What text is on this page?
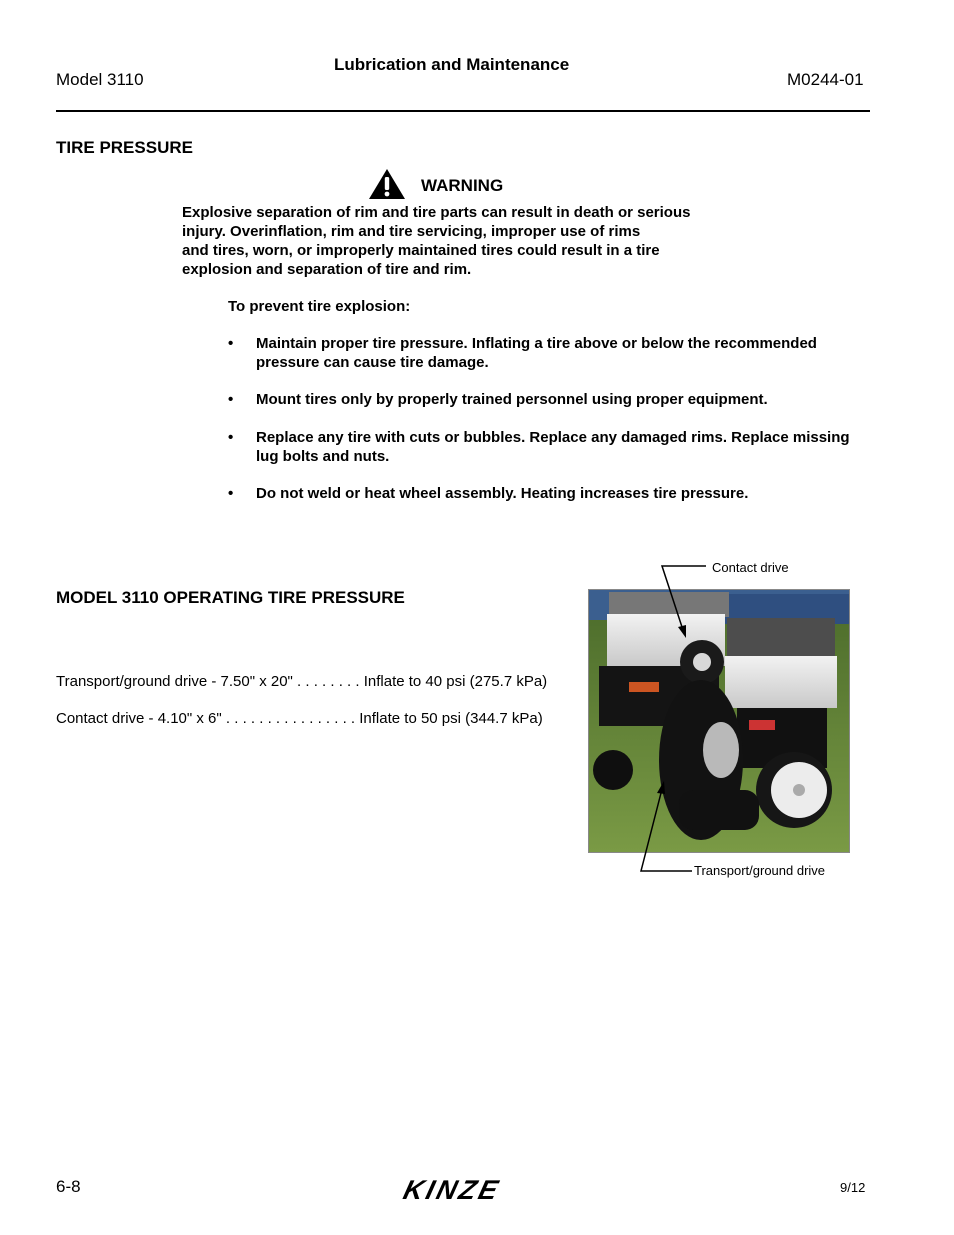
Model 3110
Lubrication and Maintenance
M0244-01
TIRE PRESSURE
WARNING
Explosive separation of rim and tire parts can result in death or serious
injury. Overinflation, rim and tire servicing, improper use of rims
and tires, worn, or improperly maintained tires could result in a tire
explosion and separation of tire and rim.
To prevent tire explosion:
• Maintain proper tire pressure. Inflating a tire above or below the recommended
pressure can cause tire damage.
• Mount tires only by properly trained personnel using proper equipment.
• Replace any tire with cuts or bubbles. Replace any damaged rims. Replace missing
lug bolts and nuts.
• Do not weld or heat wheel assembly. Heating increases tire pressure.
MODEL 3110 OPERATING TIRE PRESSURE
Transport/ground drive - 7.50" x 20" . . . . . . . . Inflate to 40 psi (275.7 kPa)
Contact drive - 4.10" x 6" . . . . . . . . . . . . . . . . Inflate to 50 psi (344.7 kPa)
Contact drive
Transport/ground drive
6-8	KINZE	9/12
